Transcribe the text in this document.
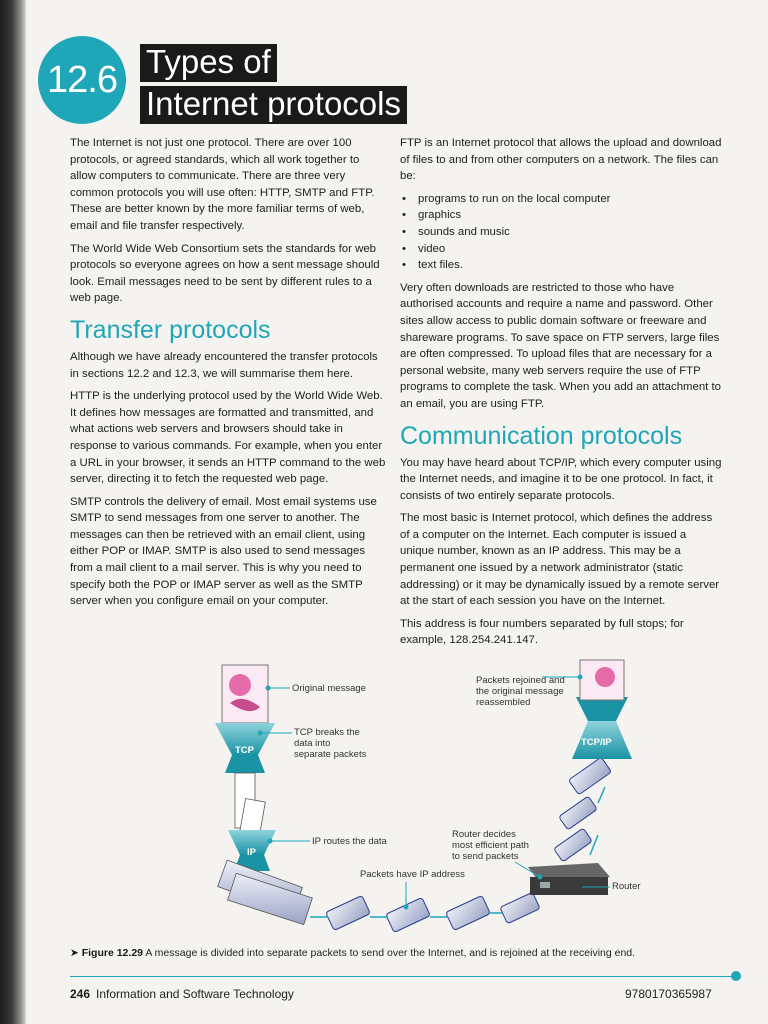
12.6 Types of
Internet protocols

The Internet is not just one protocol. There are over 100 protocols, or agreed standards, which all work together to allow computers to communicate. There are three very common protocols you will use often: HTTP, SMTP and FTP. These are better known by the more familiar terms of web, email and file transfer respectively.

The World Wide Web Consortium sets the standards for web protocols so everyone agrees on how a sent message should look. Email messages need to be sent by different rules to a web page.

Transfer protocols

Although we have already encountered the transfer protocols in sections 12.2 and 12.3, we will summarise them here.

HTTP is the underlying protocol used by the World Wide Web. It defines how messages are formatted and transmitted, and what actions web servers and browsers should take in response to various commands. For example, when you enter a URL in your browser, it sends an HTTP command to the web server, directing it to fetch the requested web page.

SMTP controls the delivery of email. Most email systems use SMTP to send messages from one server to another. The messages can then be retrieved with an email client, using either POP or IMAP. SMTP is also used to send messages from a mail client to a mail server. This is why you need to specify both the POP or IMAP server as well as the SMTP server when you configure email on your computer.

FTP is an Internet protocol that allows the upload and download of files to and from other computers on a network. The files can be:

• programs to run on the local computer
• graphics
• sounds and music
• video
• text files.

Very often downloads are restricted to those who have authorised accounts and require a name and password. Other sites allow access to public domain software or freeware and shareware programs. To save space on FTP servers, large files are often compressed. To upload files that are necessary for a personal website, many web servers require the use of FTP programs to complete the task. When you add an attachment to an email, you are using FTP.

Communication protocols

You may have heard about TCP/IP, which every computer using the Internet needs, and imagine it to be one protocol. In fact, it consists of two entirely separate protocols.

The most basic is Internet protocol, which defines the address of a computer on the Internet. Each computer is issued a unique number, known as an IP address. This may be a permanent one issued by a network administrator (static addressing) or it may be dynamically issued by a remote server at the start of each session you have on the Internet.

This address is four numbers separated by full stops; for example, 128.254.241.147.

Original message
TCP breaks the
data into
separate packets
TCP
IP
IP routes the data
Packets have IP address
Router decides
most efficient path
to send packets
Router
Packets rejoined and
the original message
reassembled
TCP/IP
➤ Figure 12.29 A message is divided into separate packets to send over the Internet, and is rejoined at the receiving end.
246 Information and Software Technology	9780170365987
